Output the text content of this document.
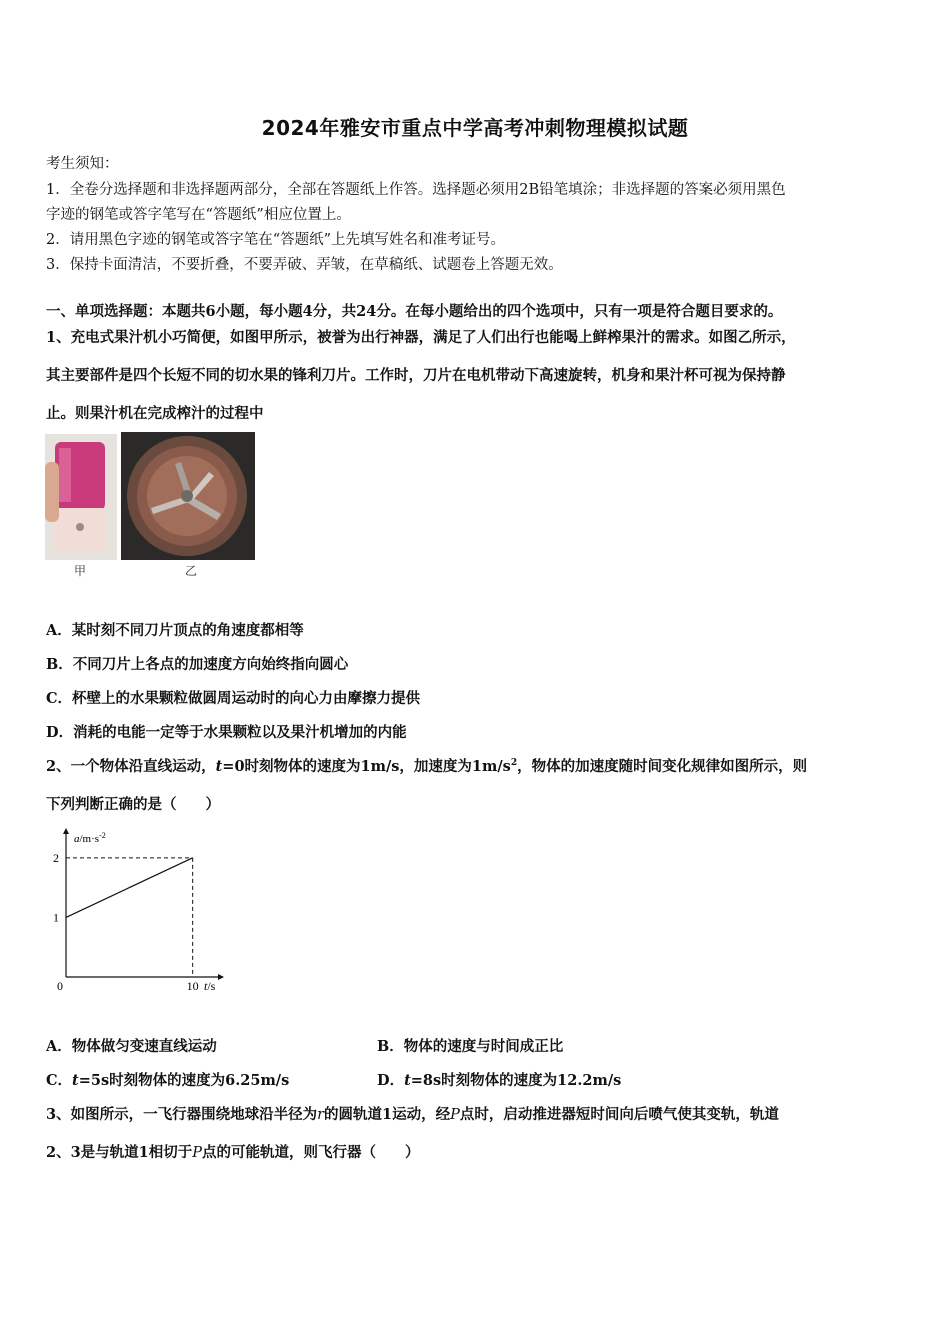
2024年雅安市重点中学高考冲刺物理模拟试题
考生须知：
1．全卷分选择题和非选择题两部分，全部在答题纸上作答。选择题必须用2B铅笔填涂；非选择题的答案必须用黑色
字迹的钢笔或答字笔写在“答题纸”相应位置上。
2．请用黑色字迹的钢笔或答字笔在“答题纸”上先填写姓名和准考证号。
3．保持卡面清洁，不要折叠，不要弄破、弄皱，在草稿纸、试题卷上答题无效。
一、单项选择题：本题共6小题，每小题4分，共24分。在每小题给出的四个选项中，只有一项是符合题目要求的。
1、充电式果汁机小巧简便，如图甲所示，被誉为出行神器，满足了人们出行也能喝上鲜榨果汁的需求。如图乙所示，
其主要部件是四个长短不同的切水果的锋利刀片。工作时，刀片在电机带动下高速旋转，机身和果汁杯可视为保持静
止。则果汁机在完成榨汁的过程中
甲	乙
A．某时刻不同刀片顶点的角速度都相等
B．不同刀片上各点的加速度方向始终指向圆心
C．杯壁上的水果颗粒做圆周运动时的向心力由摩擦力提供
D．消耗的电能一定等于水果颗粒以及果汁机增加的内能
2、一个物体沿直线运动，t=0时刻物体的速度为1m/s，加速度为$1m/s^2$，物体的加速度随时间变化规律如图所示，则
下列判断正确的是（　　）
1
2
0	10
$a/m\cdot s^{-2}$
t/s
A．物体做匀变速直线运动	B．物体的速度与时间成正比
C．t=5s时刻物体的速度为6.25m/s	D．t=8s时刻物体的速度为12.2m/s
3、如图所示，一飞行器围绕地球沿半径为r的圆轨道1运动，经P点时，启动推进器短时间向后喷气使其变轨，轨道
2、3是与轨道1相切于P点的可能轨道，则飞行器（　　）
